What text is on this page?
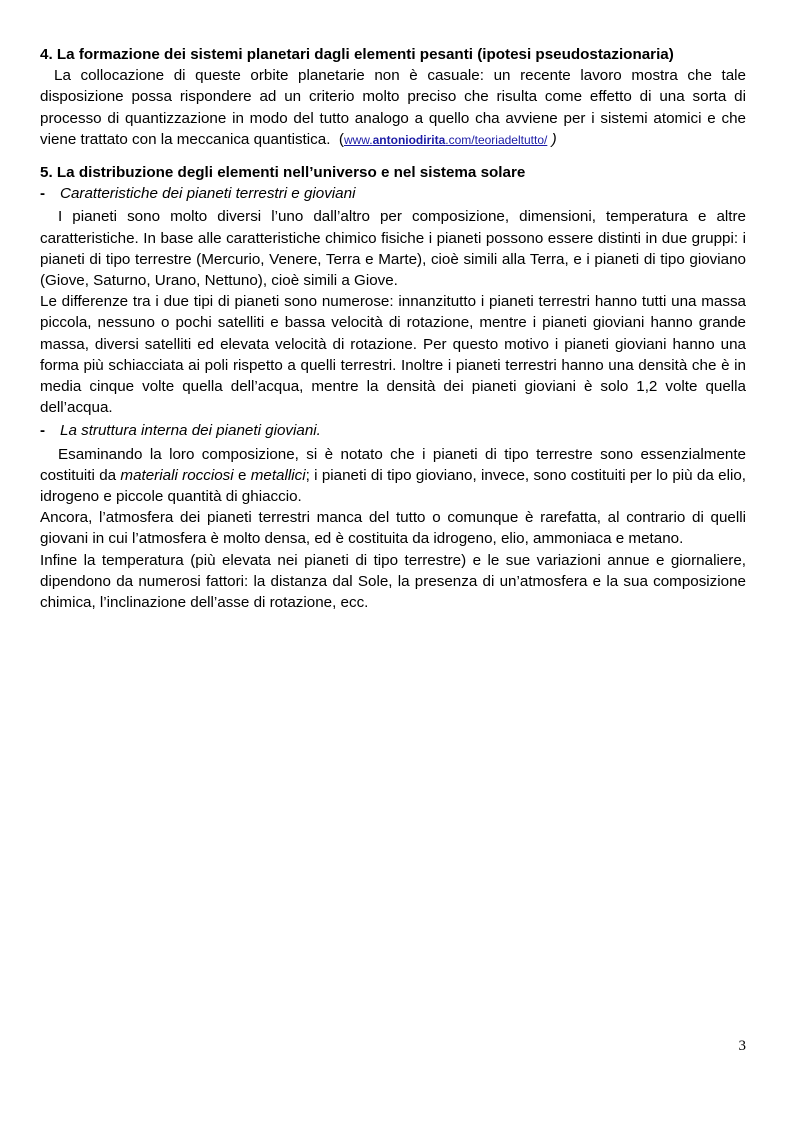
4. La formazione dei sistemi planetari dagli elementi pesanti (ipotesi pseudostazionaria)

La collocazione di queste orbite planetarie non è casuale: un recente lavoro mostra che tale disposizione possa rispondere ad un criterio molto preciso che risulta come effetto di una sorta di processo di quantizzazione in modo del tutto analogo a quello cha avviene per i sistemi atomici e che viene trattato con la meccanica quantistica. (www.antoniodirita.com/teoriadeltutto/ )

5. La distribuzione degli elementi nell’universo e nel sistema solare

- Caratteristiche dei pianeti terrestri e gioviani

I pianeti sono molto diversi l’uno dall’altro per composizione, dimensioni, temperatura e altre caratteristiche. In base alle caratteristiche chimico fisiche i pianeti possono essere distinti in due gruppi: i pianeti di tipo terrestre (Mercurio, Venere, Terra e Marte), cioè simili alla Terra, e i pianeti di tipo gioviano (Giove, Saturno, Urano, Nettuno), cioè simili a Giove.

Le differenze tra i due tipi di pianeti sono numerose: innanzitutto i pianeti terrestri hanno tutti una massa piccola, nessuno o pochi satelliti e bassa velocità di rotazione, mentre i pianeti gioviani hanno grande massa, diversi satelliti ed elevata velocità di rotazione. Per questo motivo i pianeti gioviani hanno una forma più schiacciata ai poli rispetto a quelli terrestri. Inoltre i pianeti terrestri hanno una densità che è in media cinque volte quella dell’acqua, mentre la densità dei pianeti gioviani è solo 1,2 volte quella dell’acqua.

- La struttura interna dei pianeti gioviani.

Esaminando la loro composizione, si è notato che i pianeti di tipo terrestre sono essenzialmente costituiti da materiali rocciosi e metallici; i pianeti di tipo gioviano, invece, sono costituiti per lo più da elio, idrogeno e piccole quantità di ghiaccio.

Ancora, l’atmosfera dei pianeti terrestri manca del tutto o comunque è rarefatta, al contrario di quelli giovani in cui l’atmosfera è molto densa, ed è costituita da idrogeno, elio, ammoniaca e metano.

Infine la temperatura (più elevata nei pianeti di tipo terrestre) e le sue variazioni annue e giornaliere, dipendono da numerosi fattori: la distanza dal Sole, la presenza di un’atmosfera e la sua composizione chimica, l’inclinazione dell’asse di rotazione, ecc.

3
